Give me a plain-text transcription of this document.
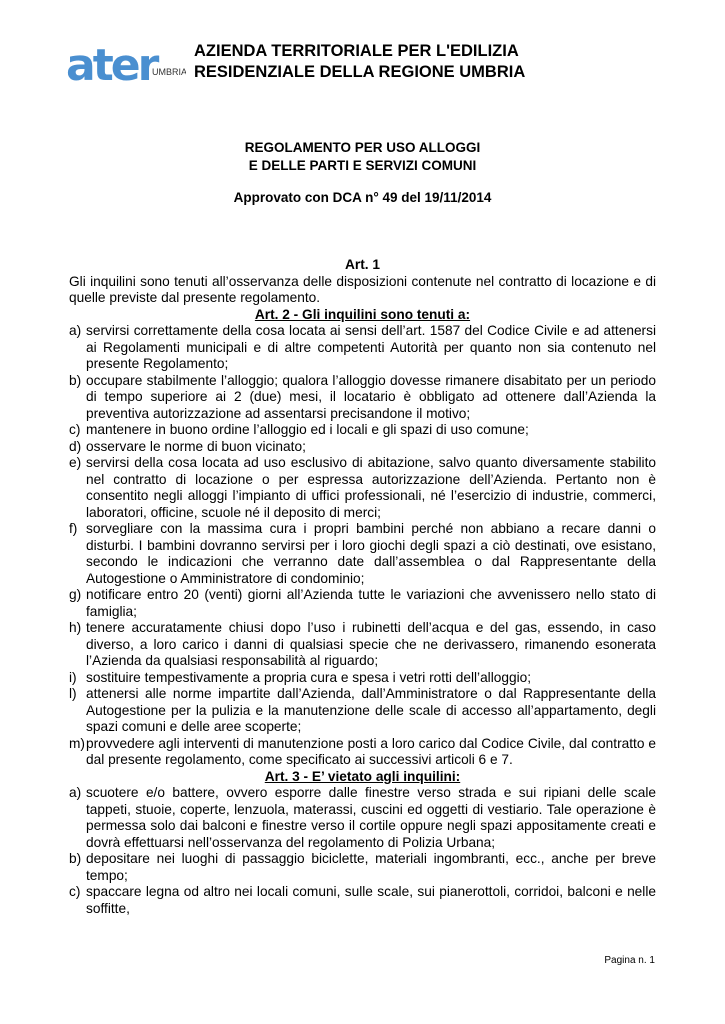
ater
UMBRIA
AZIENDA TERRITORIALE PER L'EDILIZIA
RESIDENZIALE DELLA REGIONE UMBRIA
REGOLAMENTO PER USO ALLOGGI
E DELLE PARTI E SERVIZI COMUNI
Approvato con DCA n° 49 del 19/11/2014
Art. 1
Gli inquilini sono tenuti all’osservanza delle disposizioni contenute nel contratto di locazione e di quelle previste dal presente regolamento.
Art. 2 - Gli inquilini sono tenuti a:
a) servirsi correttamente della cosa locata ai sensi dell’art. 1587 del Codice Civile e ad attenersi ai Regolamenti municipali e di altre competenti Autorità per quanto non sia contenuto nel presente Regolamento;
b) occupare stabilmente l’alloggio; qualora l’alloggio dovesse rimanere disabitato per un periodo di tempo superiore ai 2 (due) mesi, il locatario è obbligato ad ottenere dall’Azienda la preventiva autorizzazione ad assentarsi precisandone il motivo;
c) mantenere in buono ordine l’alloggio ed i locali e gli spazi di uso comune;
d) osservare le norme di buon vicinato;
e) servirsi della cosa locata ad uso esclusivo di abitazione, salvo quanto diversamente stabilito nel contratto di locazione o per espressa autorizzazione dell’Azienda. Pertanto non è consentito negli alloggi l’impianto di uffici professionali, né l’esercizio di industrie, commerci, laboratori, officine, scuole né il deposito di merci;
f) sorvegliare con la massima cura i propri bambini perché non abbiano a recare danni o disturbi. I bambini dovranno servirsi per i loro giochi degli spazi a ciò destinati, ove esistano, secondo le indicazioni che verranno date dall’assemblea o dal Rappresentante della Autogestione o Amministratore di condominio;
g) notificare entro 20 (venti) giorni all’Azienda tutte le variazioni che avvenissero nello stato di famiglia;
h) tenere accuratamente chiusi dopo l’uso i rubinetti dell’acqua e del gas, essendo, in caso diverso, a loro carico i danni di qualsiasi specie che ne derivassero, rimanendo esonerata l’Azienda da qualsiasi responsabilità al riguardo;
i) sostituire tempestivamente a propria cura e spesa i vetri rotti dell’alloggio;
l) attenersi alle norme impartite dall’Azienda, dall’Amministratore o dal Rappresentante della Autogestione per la pulizia e la manutenzione delle scale di accesso all’appartamento, degli spazi comuni e delle aree scoperte;
m) provvedere agli interventi di manutenzione posti a loro carico dal Codice Civile, dal contratto e dal presente regolamento, come specificato ai successivi articoli 6 e 7.
Art. 3 - E’ vietato agli inquilini:
a) scuotere e/o battere, ovvero esporre dalle finestre verso strada e sui ripiani delle scale tappeti, stuoie, coperte, lenzuola, materassi, cuscini ed oggetti di vestiario. Tale operazione è permessa solo dai balconi e finestre verso il cortile oppure negli spazi appositamente creati e dovrà effettuarsi nell’osservanza del regolamento di Polizia Urbana;
b) depositare nei luoghi di passaggio biciclette, materiali ingombranti, ecc., anche per breve tempo;
c) spaccare legna od altro nei locali comuni, sulle scale, sui pianerottoli, corridoi, balconi e nelle soffitte,
Pagina n. 1
